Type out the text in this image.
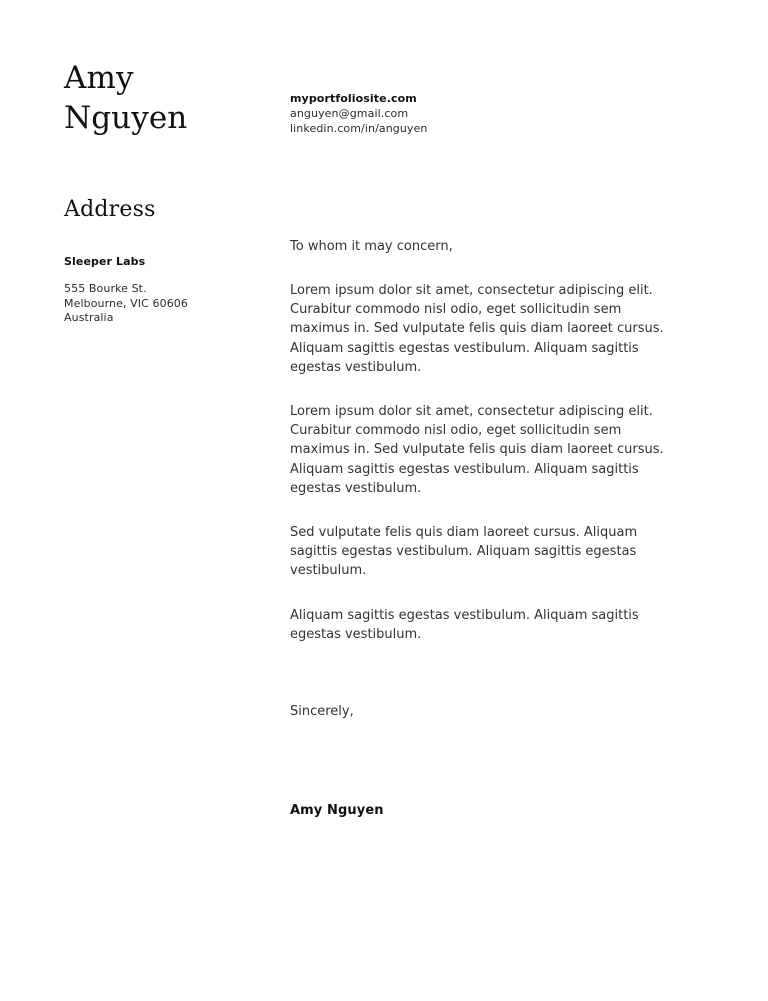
Amy
Nguyen
myportfoliosite.com
anguyen@gmail.com
linkedin.com/in/anguyen
Address
Sleeper Labs
555 Bourke St.
Melbourne, VIC 60606
Australia

To whom it may concern,

Lorem ipsum dolor sit amet, consectetur adipiscing elit. Curabitur commodo nisl odio, eget sollicitudin sem maximus in. Sed vulputate felis quis diam laoreet cursus. Aliquam sagittis egestas vestibulum. Aliquam sagittis egestas vestibulum.

Lorem ipsum dolor sit amet, consectetur adipiscing elit. Curabitur commodo nisl odio, eget sollicitudin sem maximus in. Sed vulputate felis quis diam laoreet cursus. Aliquam sagittis egestas vestibulum. Aliquam sagittis egestas vestibulum.

Sed vulputate felis quis diam laoreet cursus. Aliquam sagittis egestas vestibulum. Aliquam sagittis egestas vestibulum.

Aliquam sagittis egestas vestibulum. Aliquam sagittis egestas vestibulum.

Sincerely,
Amy Nguyen
